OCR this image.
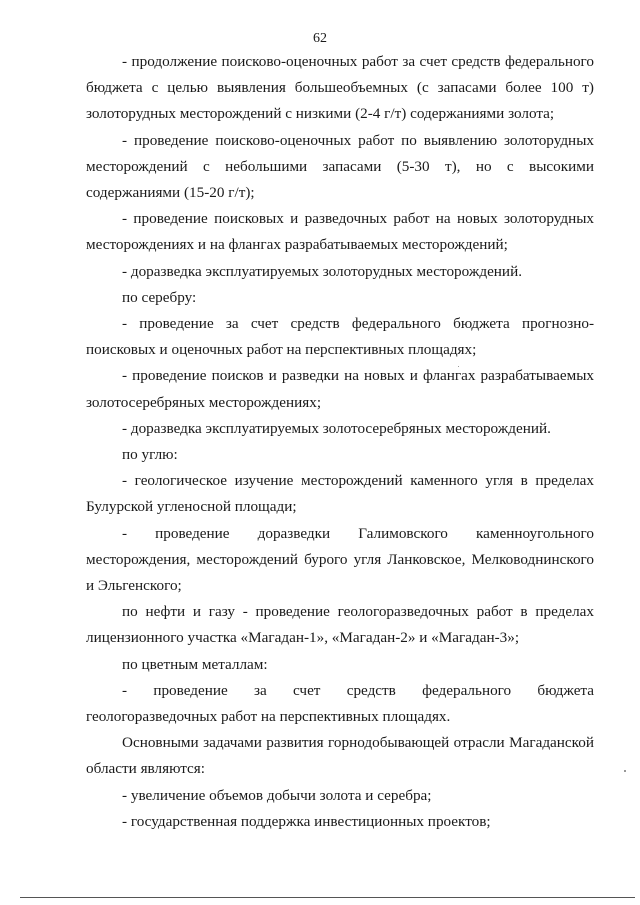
62

- продолжение поисково-оценочных работ за счет средств федерального бюджета с целью выявления большеобъемных (с запасами более 100 т) золоторудных месторождений с низкими (2-4 г/т) содержаниями золота;

- проведение поисково-оценочных работ по выявлению золоторудных месторождений с небольшими запасами (5-30 т), но с высокими содержаниями (15-20 г/т);

- проведение поисковых и разведочных работ на новых золоторудных месторождениях и на флангах разрабатываемых месторождений;

- доразведка эксплуатируемых золоторудных месторождений.

по серебру:

- проведение за счет средств федерального бюджета прогнозно-поисковых и оценочных работ на перспективных площадях;

- проведение поисков и разведки на новых и флангах разрабатываемых золотосеребряных месторождениях;

- доразведка эксплуатируемых золотосеребряных месторождений.

по углю:

- геологическое изучение месторождений каменного угля в пределах Булурской угленосной площади;

- проведение доразведки Галимовского каменноугольного месторождения, месторождений бурого угля Ланковское, Мелководнинского и Эльгенского;

по нефти и газу - проведение геологоразведочных работ в пределах лицензионного участка «Магадан-1», «Магадан-2» и «Магадан-3»;

по цветным металлам:

- проведение за счет средств федерального бюджета геологоразведочных работ на перспективных площадях.

Основными задачами развития горнодобывающей отрасли Магаданской области являются:

- увеличение объемов добычи золота и серебра;

- государственная поддержка инвестиционных проектов;
